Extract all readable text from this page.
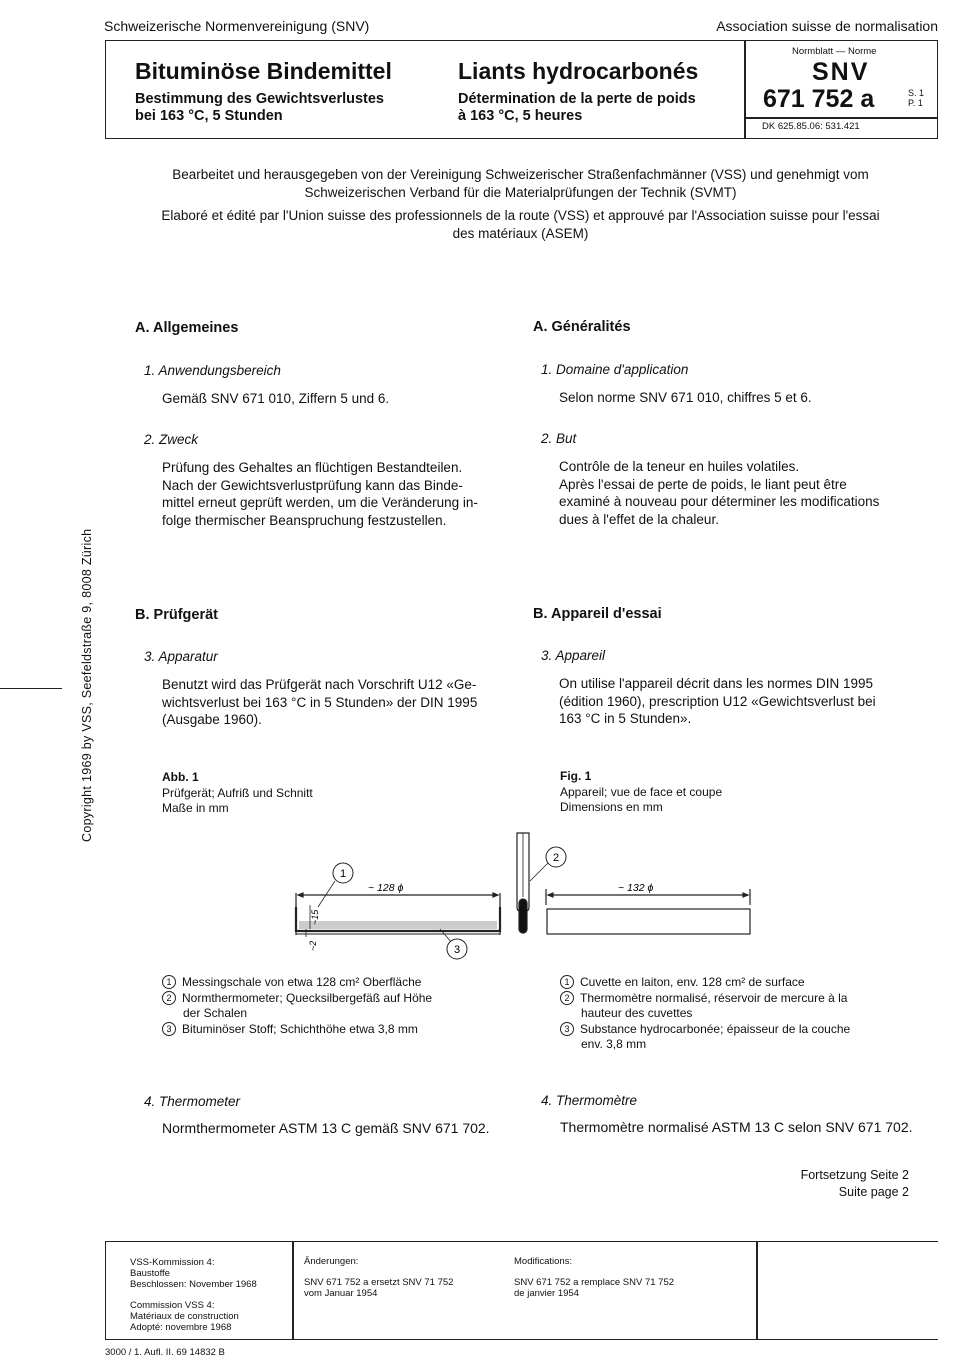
Schweizerische Normenvereinigung (SNV)	Association suisse de normalisation
Bituminöse Bindemittel
Bestimmung des Gewichtsverlustes
bei 163 °C, 5 Stunden
Liants hydrocarbonés
Détermination de la perte de poids
à 163 °C, 5 heures
Normblatt — Norme
SNV
671 752 a	S. 1
P. 1
DK 625.85.06: 531.421
Bearbeitet und herausgegeben von der Vereinigung Schweizerischer Straßenfachmänner (VSS) und genehmigt vom
Schweizerischen Verband für die Materialprüfungen der Technik (SVMT)
Elaboré et édité par l'Union suisse des professionnels de la route (VSS) et approuvé par l'Association suisse pour l'essai
des matériaux (ASEM)
A. Allgemeines
1. Anwendungsbereich
Gemäß SNV 671 010, Ziffern 5 und 6.
2. Zweck
Prüfung des Gehaltes an flüchtigen Bestandteilen.
Nach der Gewichtsverlustprüfung kann das Binde-
mittel erneut geprüft werden, um die Veränderung in-
folge thermischer Beanspruchung festzustellen.
B. Prüfgerät
3. Apparatur
Benutzt wird das Prüfgerät nach Vorschrift U12 «Ge-
wichtsverlust bei 163 °C in 5 Stunden» der DIN 1995
(Ausgabe 1960).
Abb. 1
Prüfgerät; Aufriß und Schnitt
Maße in mm
A. Généralités
1. Domaine d'application
Selon norme SNV 671 010, chiffres 5 et 6.
2. But
Contrôle de la teneur en huiles volatiles.
Après l'essai de perte de poids, le liant peut être
examiné à nouveau pour déterminer les modifications
dues à l'effet de la chaleur.
B. Appareil d'essai
3. Appareil
On utilise l'appareil décrit dans les normes DIN 1995
(édition 1960), prescription U12 «Gewichtsverlust bei
163 °C in 5 Stunden».
Fig. 1
Appareil; vue de face et coupe
Dimensions en mm
1
3
~ 128 ϕ
~15
~2
2
~ 132 ϕ
1 Messingschale von etwa 128 cm² Oberfläche
2 Normthermometer; Quecksilbergefäß auf Höhe
der Schalen
3 Bituminöser Stoff; Schichthöhe etwa 3,8 mm
1 Cuvette en laiton, env. 128 cm² de surface
2 Thermomètre normalisé, réservoir de mercure à la
hauteur des cuvettes
3 Substance hydrocarbonée; épaisseur de la couche
env. 3,8 mm
4. Thermometer
Normthermometer ASTM 13 C gemäß SNV 671 702.
4. Thermomètre
Thermomètre normalisé ASTM 13 C selon SNV 671 702.
Fortsetzung Seite 2
Suite page 2
VSS-Kommission 4:
Baustoffe
Beschlossen: November 1968
Commission VSS 4:
Matériaux de construction
Adopté: novembre 1968
Änderungen:
SNV 671 752 a ersetzt SNV 71 752
vom Januar 1954
Modifications:
SNV 671 752 a remplace SNV 71 752
de janvier 1954
3000 / 1. Aufl. II. 69 14832 B
Copyright 1969 by VSS, Seefeldstraße 9, 8008 Zürich
